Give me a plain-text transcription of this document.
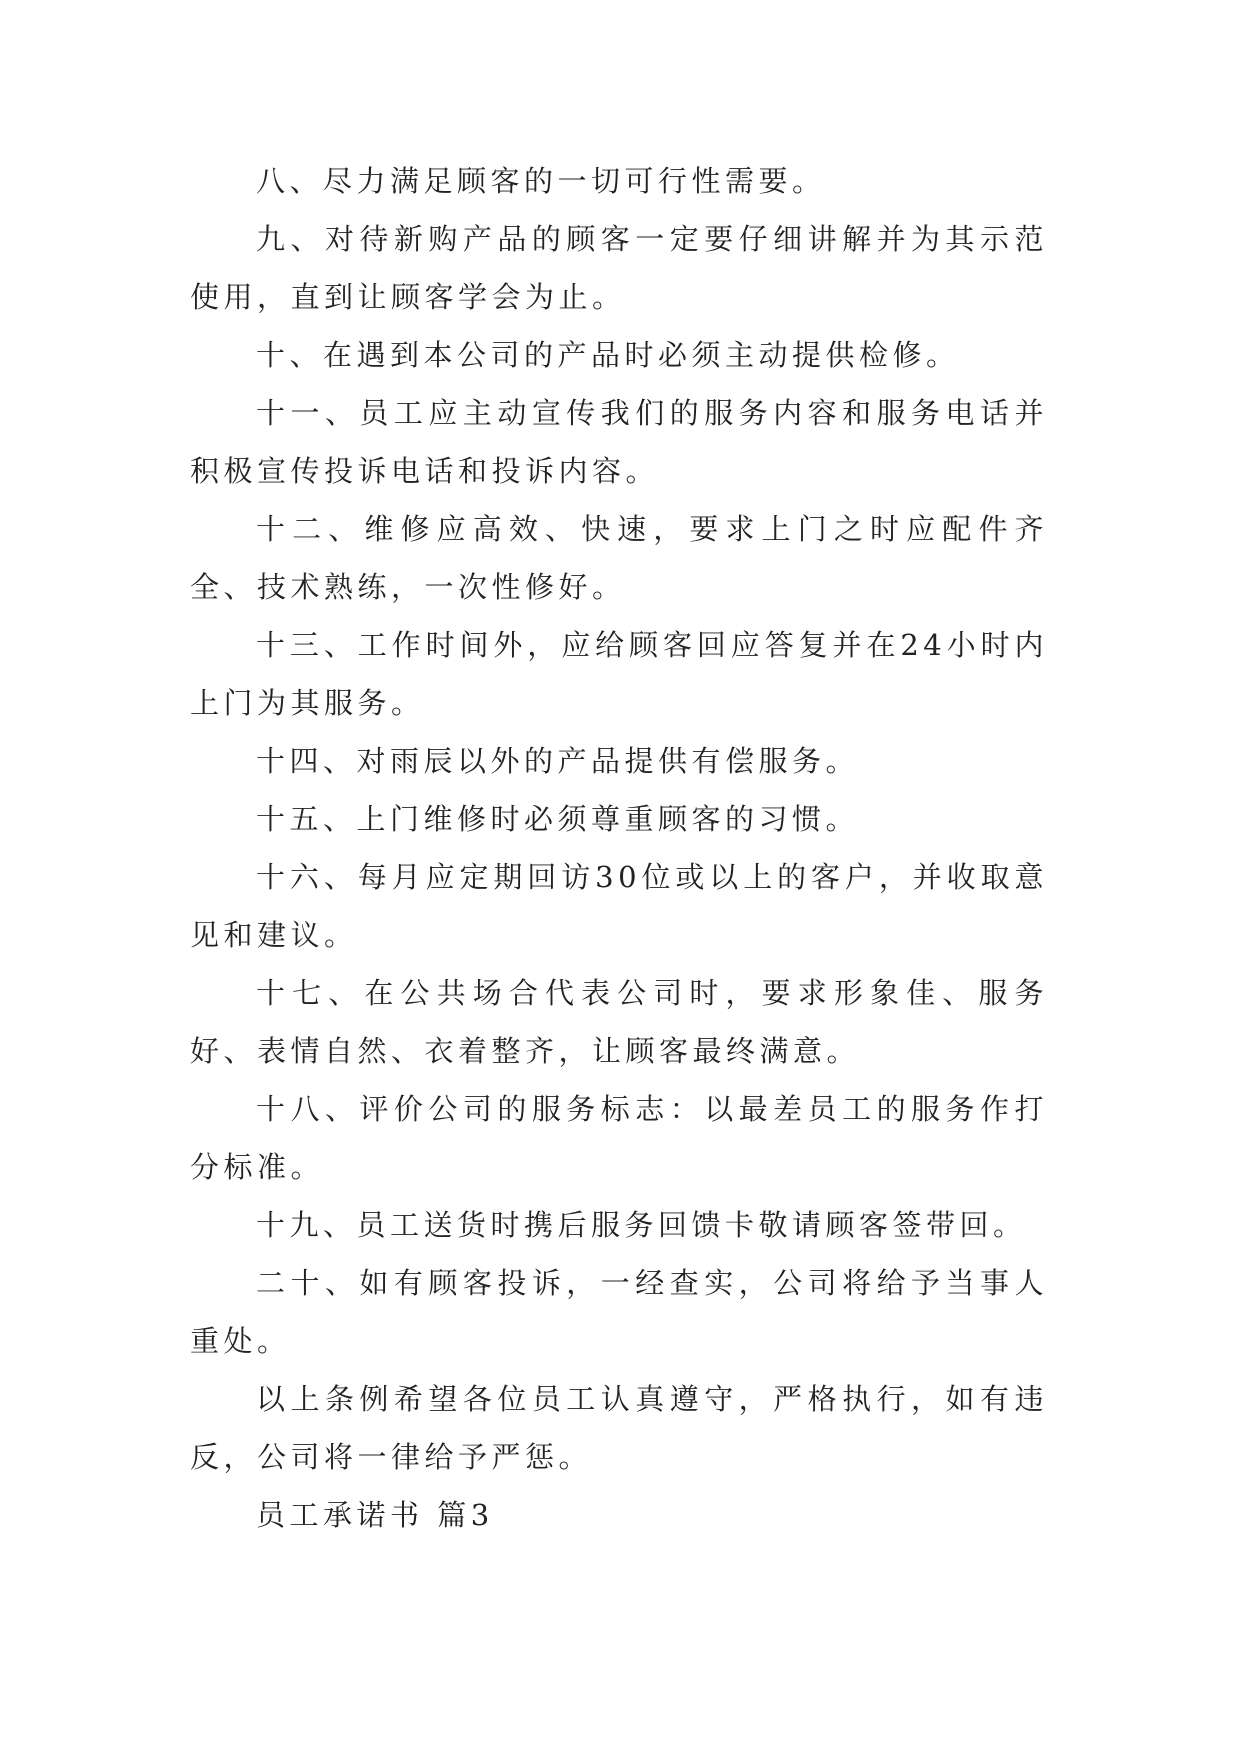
八、尽力满足顾客的一切可行性需要。

九、对待新购产品的顾客一定要仔细讲解并为其示范使用，直到让顾客学会为止。

十、在遇到本公司的产品时必须主动提供检修。

十一、员工应主动宣传我们的服务内容和服务电话并积极宣传投诉电话和投诉内容。

十二、维修应高效、快速，要求上门之时应配件齐全、技术熟练，一次性修好。

十三、工作时间外，应给顾客回应答复并在24小时内上门为其服务。

十四、对雨辰以外的产品提供有偿服务。

十五、上门维修时必须尊重顾客的习惯。

十六、每月应定期回访30位或以上的客户，并收取意见和建议。

十七、在公共场合代表公司时，要求形象佳、服务好、表情自然、衣着整齐，让顾客最终满意。

十八、评价公司的服务标志：以最差员工的服务作打分标准。

十九、员工送货时携后服务回馈卡敬请顾客签带回。

二十、如有顾客投诉，一经查实，公司将给予当事人重处。

以上条例希望各位员工认真遵守，严格执行，如有违反，公司将一律给予严惩。

员工承诺书 篇3
